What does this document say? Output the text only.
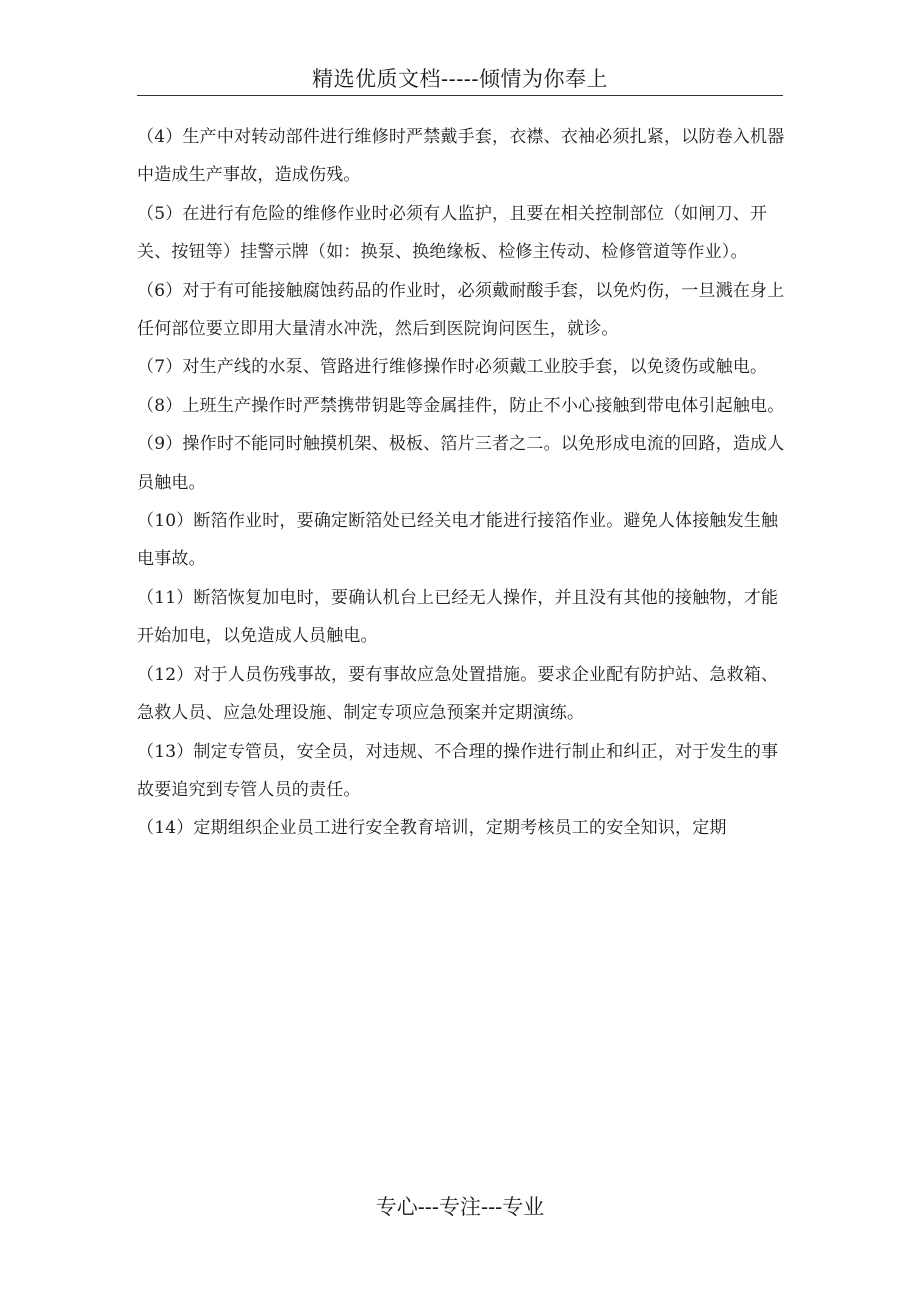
精选优质文档-----倾情为你奉上

（4）生产中对转动部件进行维修时严禁戴手套，衣襟、衣袖必须扎紧，以防卷入机器中造成生产事故，造成伤残。

（5）在进行有危险的维修作业时必须有人监护，且要在相关控制部位（如闸刀、开关、按钮等）挂警示牌（如：换泵、换绝缘板、检修主传动、检修管道等作业）。

（6）对于有可能接触腐蚀药品的作业时，必须戴耐酸手套，以免灼伤，一旦溅在身上任何部位要立即用大量清水冲洗，然后到医院询问医生，就诊。

（7）对生产线的水泵、管路进行维修操作时必须戴工业胶手套，以免烫伤或触电。

（8）上班生产操作时严禁携带钥匙等金属挂件，防止不小心接触到带电体引起触电。

（9）操作时不能同时触摸机架、极板、箔片三者之二。以免形成电流的回路，造成人员触电。

（10）断箔作业时，要确定断箔处已经关电才能进行接箔作业。避免人体接触发生触电事故。

（11）断箔恢复加电时，要确认机台上已经无人操作，并且没有其他的接触物，才能开始加电，以免造成人员触电。

（12）对于人员伤残事故，要有事故应急处置措施。要求企业配有防护站、急救箱、急救人员、应急处理设施、制定专项应急预案并定期演练。

（13）制定专管员，安全员，对违规、不合理的操作进行制止和纠正，对于发生的事故要追究到专管人员的责任。

（14）定期组织企业员工进行安全教育培训，定期考核员工的安全知识，定期

专心---专注---专业
